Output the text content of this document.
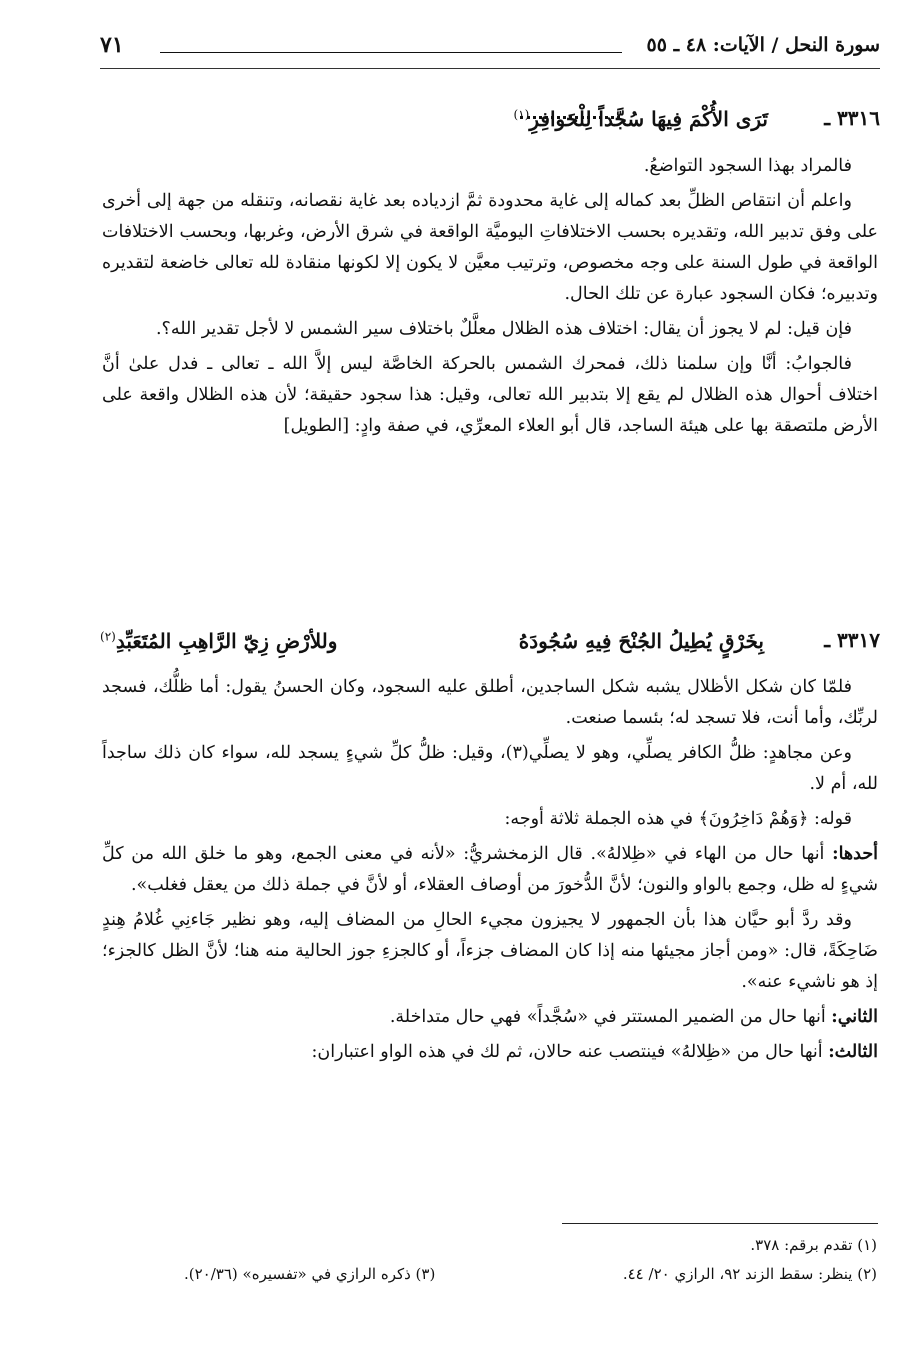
سورة النحل / الآيات: ٤٨ ـ ٥٥
٧١
٣٣١٦ ـ
تَرَى الأُكْمَ فِيهَا سُجَّداً لِلْحَوافِرِ$^{(١)}$

فالمراد بهذا السجود التواضعُ.

واعلم أن انتقاص الظلِّ بعد كماله إلى غاية محدودة ثمَّ ازدياده بعد غاية نقصانه، وتنقله من جهة إلى أخرى على وفق تدبير الله، وتقديره بحسب الاختلافاتِ اليوميَّة الواقعة في شرق الأرض، وغربها، وبحسب الاختلافات الواقعة في طول السنة على وجه مخصوص، وترتيب معيَّن لا يكون إلا لكونها منقادة لله تعالى خاضعة لتقديره وتدبيره؛ فكان السجود عبارة عن تلك الحال.

فإن قيل: لم لا يجوز أن يقال: اختلاف هذه الظلال معلَّلٌ باختلاف سير الشمس لا لأجل تقدير الله؟.

فالجوابُ: أنَّا وإن سلمنا ذلك، فمحرك الشمس بالحركة الخاصَّة ليس إلاَّ الله ـ تعالى ـ فدل علىٰ أنَّ اختلاف أحوال هذه الظلال لم يقع إلا بتدبير الله تعالى، وقيل: هذا سجود حقيقة؛ لأن هذه الظلال واقعة على الأرض ملتصقة بها على هيئة الساجد، قال أبو العلاء المعرِّي، في صفة وادٍ: [الطويل]

٣٣١٧ ـ
بِخَرْقٍ يُطِيلُ الجُنْحَ فِيهِ سُجُودَهُ
وللأرْضِ زِيّ الرَّاهِبِ المُتَعَبِّدِ$^{(٢)}$

فلمّا كان شكل الأظلال يشبه شكل الساجدين، أطلق عليه السجود، وكان الحسنُ يقول: أما ظلُّك، فسجد لربِّك، وأما أنت، فلا تسجد له؛ بئسما صنعت.

وعن مجاهدٍ: ظلُّ الكافر يصلِّي، وهو لا يصلِّي(٣)، وقيل: ظلُّ كلِّ شيءٍ يسجد لله، سواء كان ذلك ساجداً لله، أم لا.

قوله: ﴿وَهُمْ دَاخِرُونَ﴾ في هذه الجملة ثلاثة أوجه:

أحدها: أنها حال من الهاء في «ظِلالهُ». قال الزمخشريُّ: «لأنه في معنى الجمع، وهو ما خلق الله من كلِّ شيءٍ له ظل، وجمع بالواو والنون؛ لأنَّ الدُّخورَ من أوصاف العقلاء، أو لأنَّ في جملة ذلك من يعقل فغلب».

وقد ردَّ أبو حيَّان هذا بأن الجمهور لا يجيزون مجيء الحالِ من المضاف إليه، وهو نظير جَاءنِي غُلامُ هِندٍ ضَاحِكَةً، قال: «ومن أجاز مجيئها منه إذا كان المضاف جزءاً، أو كالجزءِ جوز الحالية منه هنا؛ لأنَّ الظل كالجزء؛ إذ هو ناشيء عنه».

الثاني: أنها حال من الضمير المستتر في «سُجَّداً» فهي حال متداخلة.

الثالث: أنها حال من «ظِلالهُ» فينتصب عنه حالان، ثم لك في هذه الواو اعتباران:

(١) تقدم برقم: ٣٧٨.
(٢) ينظر: سقط الزند ٩٢، الرازي ٢٠/ ٤٤.
(٣) ذكره الرازي في «تفسيره» (٢٠/٣٦).
